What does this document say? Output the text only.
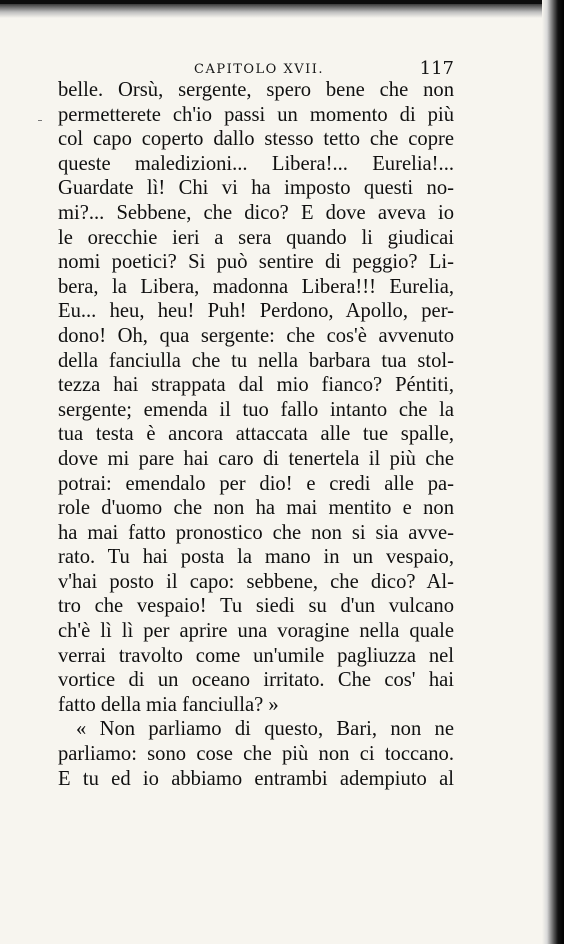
CAPITOLO XVII.	117
belle. Orsù, sergente, spero bene che non
permetterete ch'io passi un momento di più
col capo coperto dallo stesso tetto che copre
queste maledizioni... Libera!... Eurelia!...
Guardate lì! Chi vi ha imposto questi no-
mi?... Sebbene, che dico? E dove aveva io
le orecchie ieri a sera quando li giudicai
nomi poetici? Si può sentire di peggio? Li-
bera, la Libera, madonna Libera!!! Eurelia,
Eu... heu, heu! Puh! Perdono, Apollo, per-
dono! Oh, qua sergente: che cos'è avvenuto
della fanciulla che tu nella barbara tua stol-
tezza hai strappata dal mio fianco? Péntiti,
sergente; emenda il tuo fallo intanto che la
tua testa è ancora attaccata alle tue spalle,
dove mi pare hai caro di tenertela il più che
potrai: emendalo per dio! e credi alle pa-
role d'uomo che non ha mai mentito e non
ha mai fatto pronostico che non si sia avve-
rato. Tu hai posta la mano in un vespaio,
v'hai posto il capo: sebbene, che dico? Al-
tro che vespaio! Tu siedi su d'un vulcano
ch'è lì lì per aprire una voragine nella quale
verrai travolto come un'umile pagliuzza nel
vortice di un oceano irritato. Che cos' hai
fatto della mia fanciulla? »
« Non parliamo di questo, Bari, non ne
parliamo: sono cose che più non ci toccano.
E tu ed io abbiamo entrambi adempiuto al
